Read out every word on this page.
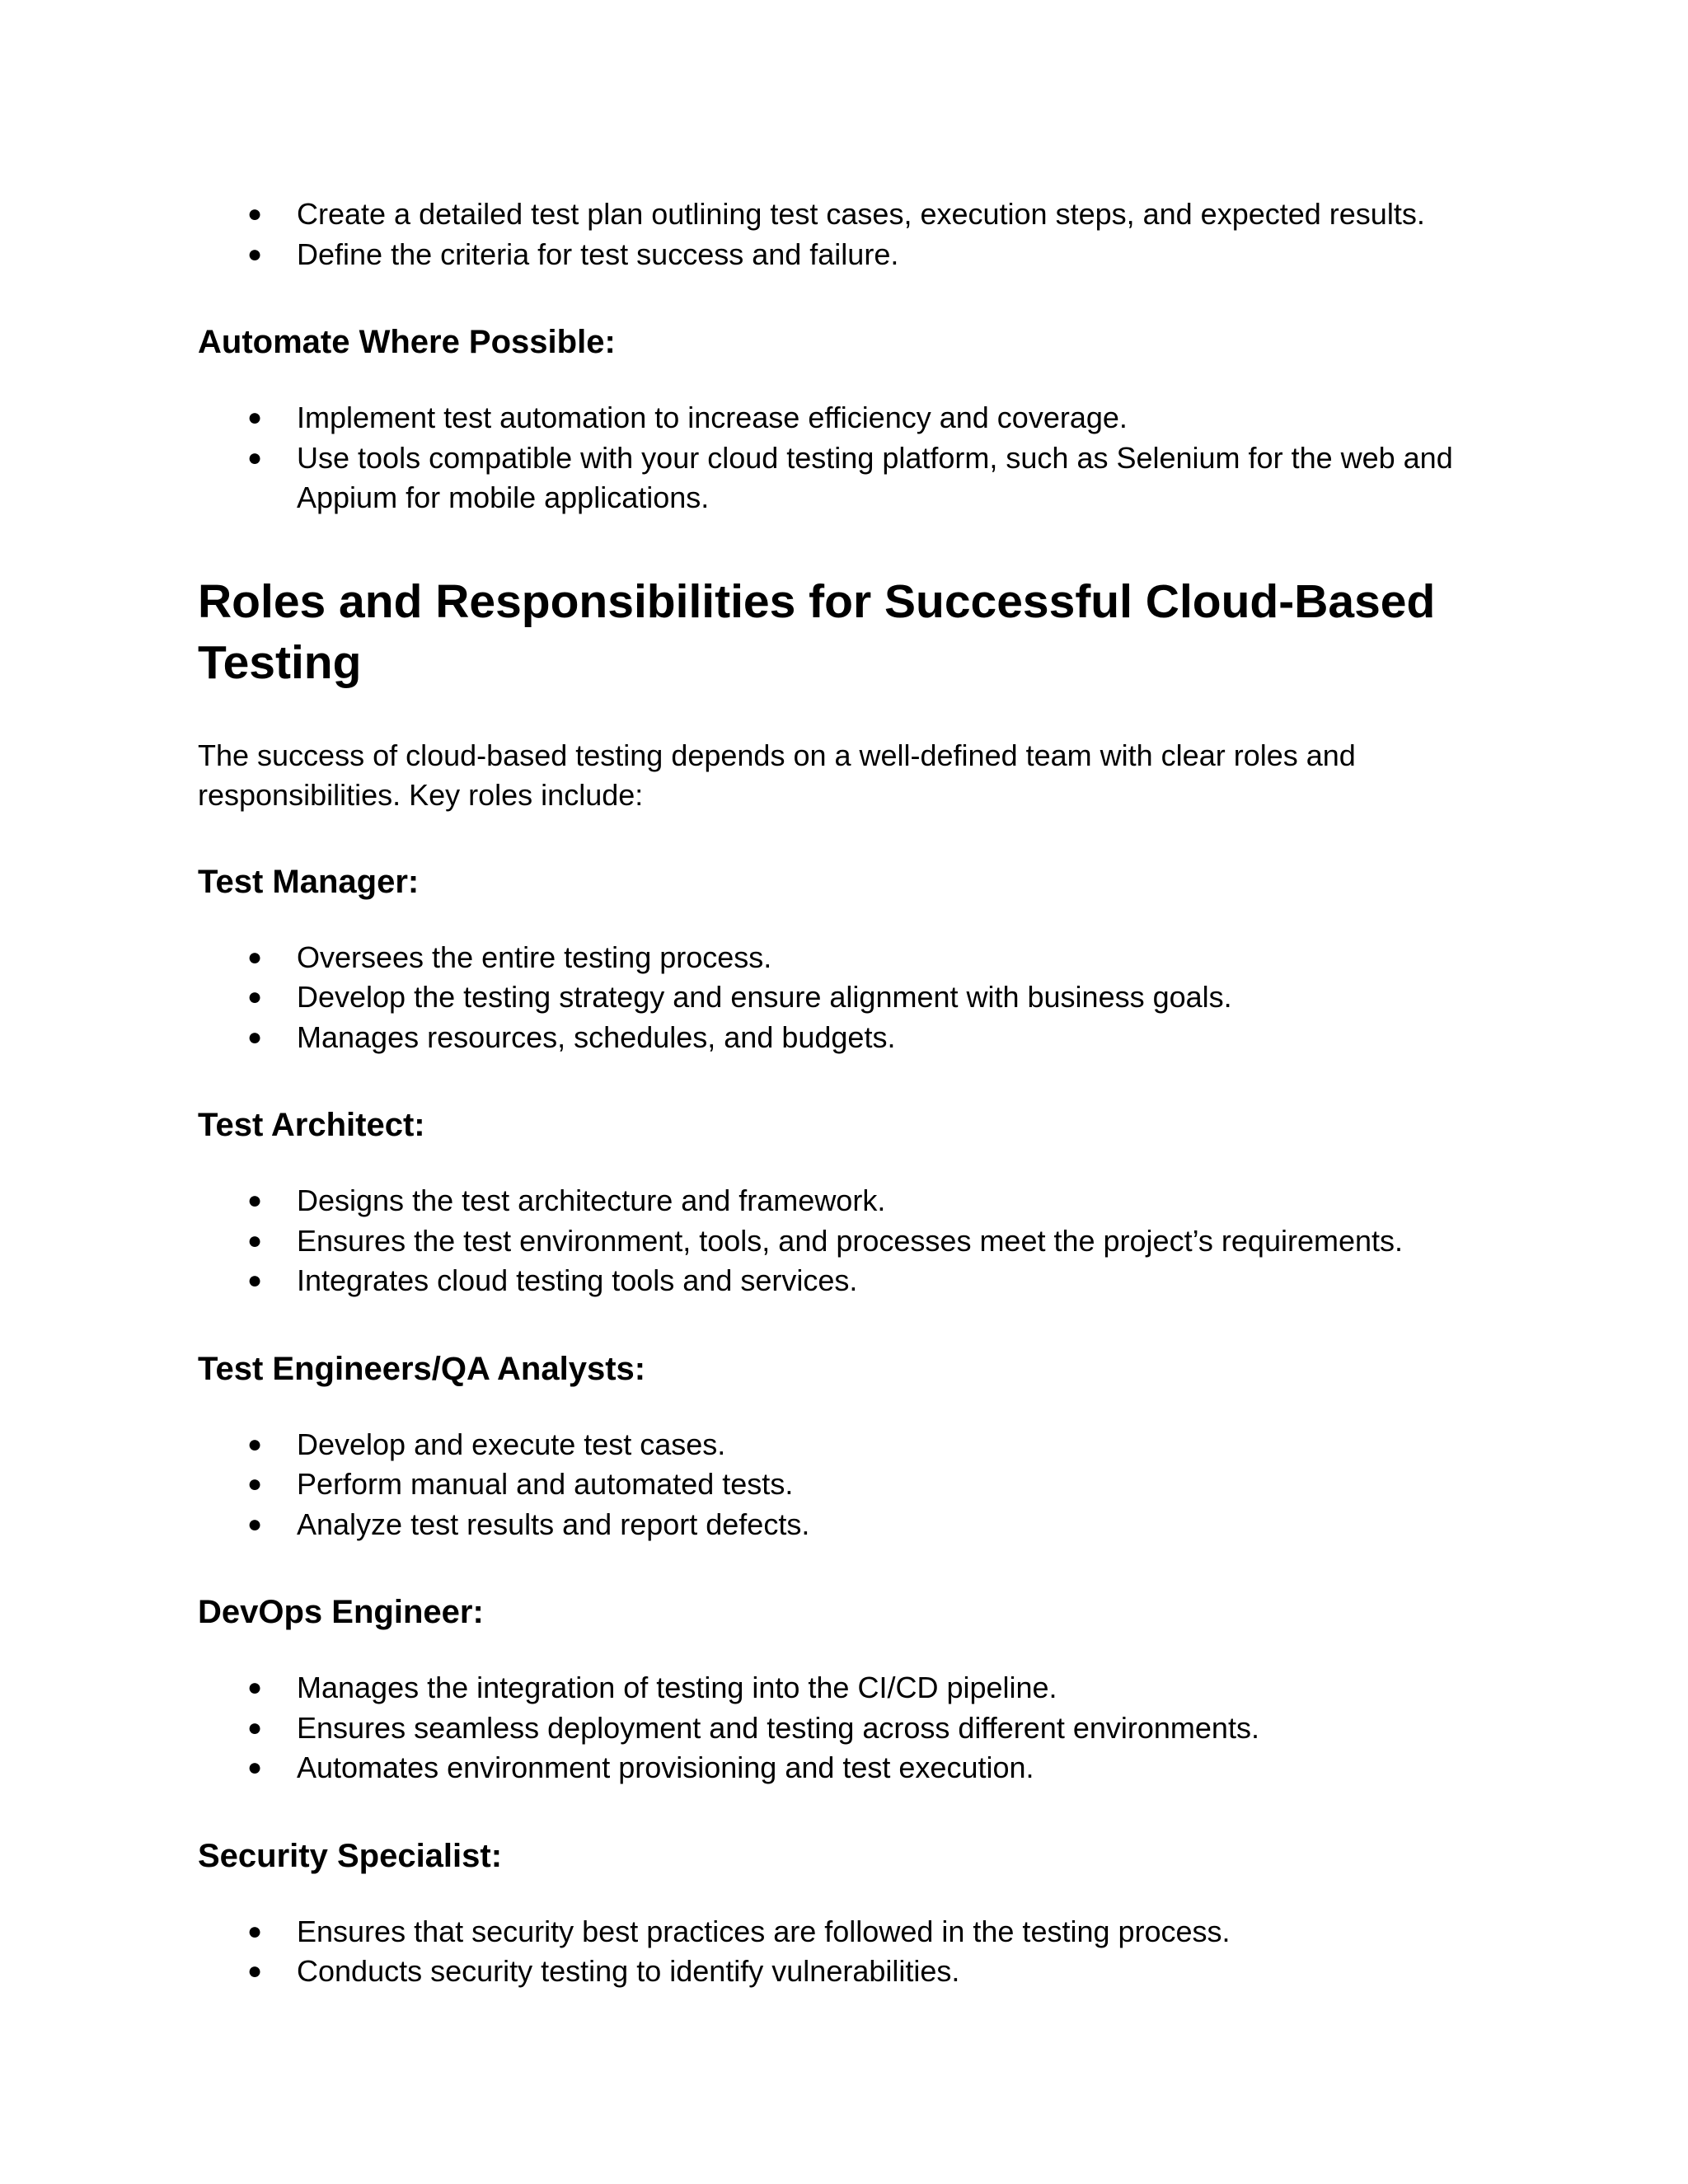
● Create a detailed test plan outlining test cases, execution steps, and expected results.
● Define the criteria for test success and failure.
Automate Where Possible:
● Implement test automation to increase efficiency and coverage.
● Use tools compatible with your cloud testing platform, such as Selenium for the web and Appium for mobile applications.
Roles and Responsibilities for Successful Cloud-Based Testing

The success of cloud-based testing depends on a well-defined team with clear roles and responsibilities. Key roles include:

Test Manager:
● Oversees the entire testing process.
● Develop the testing strategy and ensure alignment with business goals.
● Manages resources, schedules, and budgets.
Test Architect:
● Designs the test architecture and framework.
● Ensures the test environment, tools, and processes meet the project’s requirements.
● Integrates cloud testing tools and services.
Test Engineers/QA Analysts:
● Develop and execute test cases.
● Perform manual and automated tests.
● Analyze test results and report defects.
DevOps Engineer:
● Manages the integration of testing into the CI/CD pipeline.
● Ensures seamless deployment and testing across different environments.
● Automates environment provisioning and test execution.
Security Specialist:
● Ensures that security best practices are followed in the testing process.
● Conducts security testing to identify vulnerabilities.
